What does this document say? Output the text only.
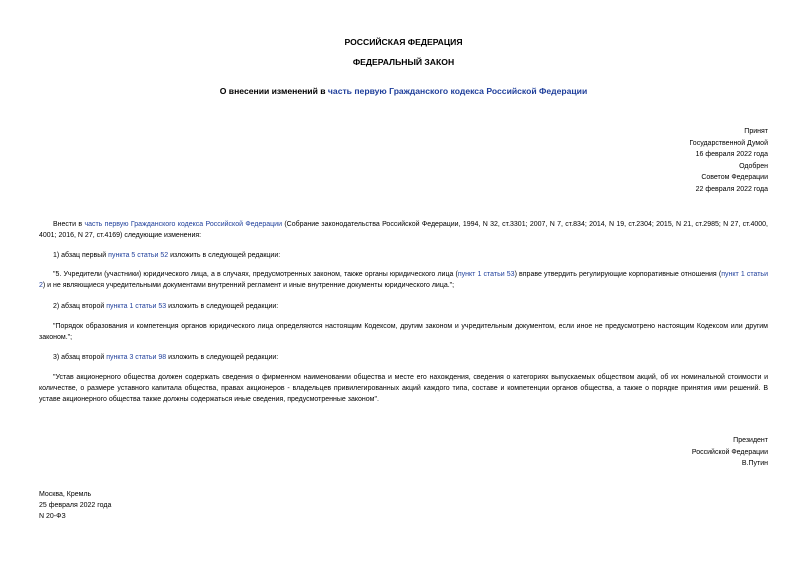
РОССИЙСКАЯ ФЕДЕРАЦИЯ
ФЕДЕРАЛЬНЫЙ ЗАКОН
О внесении изменений в часть первую Гражданского кодекса Российской Федерации
Принят
Государственной Думой
16 февраля 2022 года
Одобрен
Советом Федерации
22 февраля 2022 года
Внести в часть первую Гражданского кодекса Российской Федерации (Собрание законодательства Российской Федерации, 1994, N 32, ст.3301; 2007, N 7, ст.834; 2014, N 19, ст.2304; 2015, N 21, ст.2985; N 27, ст.4000, 4001; 2016, N 27, ст.4169) следующие изменения:
1) абзац первый пункта 5 статьи 52 изложить в следующей редакции:
"5. Учредители (участники) юридического лица, а в случаях, предусмотренных законом, также органы юридического лица (пункт 1 статьи 53) вправе утвердить регулирующие корпоративные отношения (пункт 1 статьи 2) и не являющиеся учредительными документами внутренний регламент и иные внутренние документы юридического лица.";
2) абзац второй пункта 1 статьи 53 изложить в следующей редакции:
"Порядок образования и компетенция органов юридического лица определяются настоящим Кодексом, другим законом и учредительным документом, если иное не предусмотрено настоящим Кодексом или другим законом.";
3) абзац второй пункта 3 статьи 98 изложить в следующей редакции:
"Устав акционерного общества должен содержать сведения о фирменном наименовании общества и месте его нахождения, сведения о категориях выпускаемых обществом акций, об их номинальной стоимости и количестве, о размере уставного капитала общества, правах акционеров - владельцев привилегированных акций каждого типа, составе и компетенции органов общества, а также о порядке принятия ими решений. В уставе акционерного общества также должны содержаться иные сведения, предусмотренные законом".
Президент
Российской Федерации
В.Путин
Москва, Кремль
25 февраля 2022 года
N 20-ФЗ
